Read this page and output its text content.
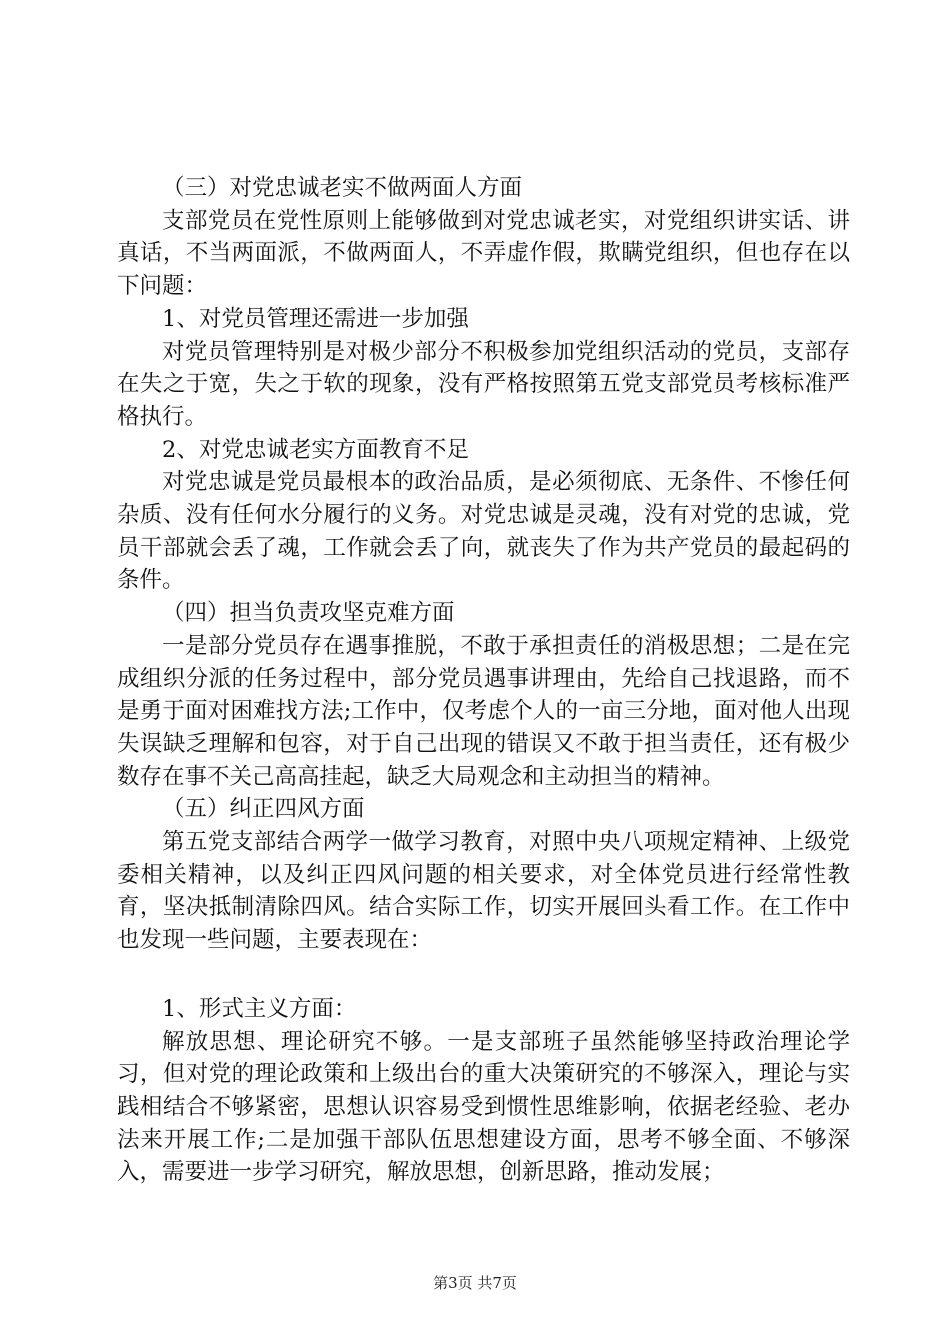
（三）对党忠诚老实不做两面人方面

支部党员在党性原则上能够做到对党忠诚老实，对党组织讲实话、讲真话，不当两面派，不做两面人，不弄虚作假，欺瞒党组织，但也存在以下问题：

1、对党员管理还需进一步加强

对党员管理特别是对极少部分不积极参加党组织活动的党员，支部存在失之于宽，失之于软的现象，没有严格按照第五党支部党员考核标准严格执行。

2、对党忠诚老实方面教育不足

对党忠诚是党员最根本的政治品质，是必须彻底、无条件、不惨任何杂质、没有任何水分履行的义务。对党忠诚是灵魂，没有对党的忠诚，党员干部就会丢了魂，工作就会丢了向，就丧失了作为共产党员的最起码的条件。

（四）担当负责攻坚克难方面

一是部分党员存在遇事推脱，不敢于承担责任的消极思想；二是在完成组织分派的任务过程中，部分党员遇事讲理由，先给自己找退路，而不是勇于面对困难找方法;工作中，仅考虑个人的一亩三分地，面对他人出现失误缺乏理解和包容，对于自己出现的错误又不敢于担当责任，还有极少数存在事不关己高高挂起，缺乏大局观念和主动担当的精神。

（五）纠正四风方面

第五党支部结合两学一做学习教育，对照中央八项规定精神、上级党委相关精神，以及纠正四风问题的相关要求，对全体党员进行经常性教育，坚决抵制清除四风。结合实际工作，切实开展回头看工作。在工作中也发现一些问题，主要表现在：

1、形式主义方面：

解放思想、理论研究不够。一是支部班子虽然能够坚持政治理论学习，但对党的理论政策和上级出台的重大决策研究的不够深入，理论与实践相结合不够紧密，思想认识容易受到惯性思维影响，依据老经验、老办法来开展工作;二是加强干部队伍思想建设方面，思考不够全面、不够深入，需要进一步学习研究，解放思想，创新思路，推动发展；

第3页 共7页
